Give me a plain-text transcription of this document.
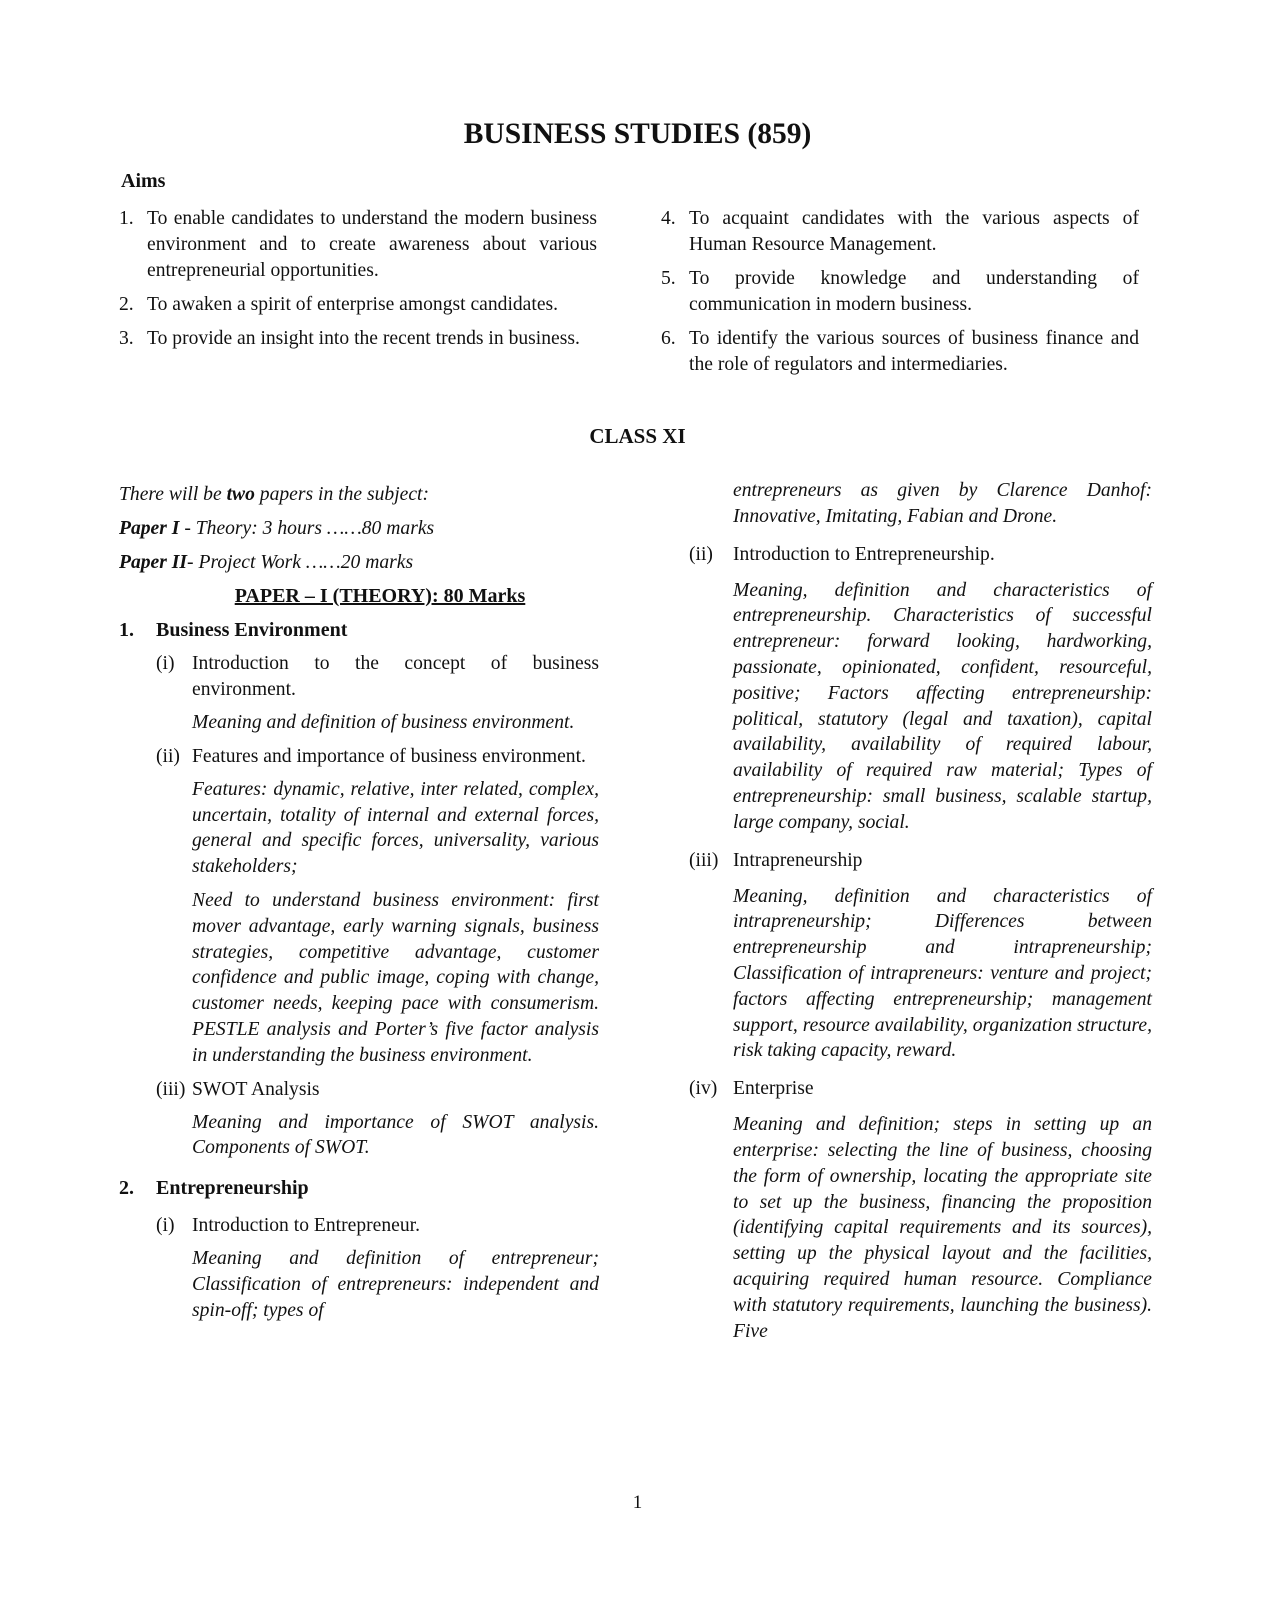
BUSINESS STUDIES (859)
Aims
1. To enable candidates to understand the modern business environment and to create awareness about various entrepreneurial opportunities.
2. To awaken a spirit of enterprise amongst candidates.
3. To provide an insight into the recent trends in business.
4. To acquaint candidates with the various aspects of Human Resource Management.
5. To provide knowledge and understanding of communication in modern business.
6. To identify the various sources of business finance and the role of regulators and intermediaries.
CLASS XI
There will be two papers in the subject:
Paper I - Theory: 3 hours ……80 marks
Paper II- Project Work ……20 marks
PAPER – I (THEORY): 80 Marks
1.	Business Environment
(i) Introduction to the concept of business environment.
Meaning and definition of business environment.
(ii) Features and importance of business environment.
Features: dynamic, relative, inter related, complex, uncertain, totality of internal and external forces, general and specific forces, universality, various stakeholders;
Need to understand business environment: first mover advantage, early warning signals, business strategies, competitive advantage, customer confidence and public image, coping with change, customer needs, keeping pace with consumerism. PESTLE analysis and Porter’s five factor analysis in understanding the business environment.
(iii) SWOT Analysis
Meaning and importance of SWOT analysis. Components of SWOT.
2.	Entrepreneurship
(i) Introduction to Entrepreneur.
Meaning and definition of entrepreneur; Classification of entrepreneurs: independent and spin-off; types of
entrepreneurs as given by Clarence Danhof: Innovative, Imitating, Fabian and Drone.
(ii)	Introduction to Entrepreneurship.
Meaning, definition and characteristics of entrepreneurship. Characteristics of successful entrepreneur: forward looking, hardworking, passionate, opinionated, confident, resourceful, positive; Factors affecting entrepreneurship: political, statutory (legal and taxation), capital availability, availability of required labour, availability of required raw material; Types of entrepreneurship: small business, scalable startup, large company, social.
(iii) Intrapreneurship
Meaning, definition and characteristics of intrapreneurship; Differences between entrepreneurship and intrapreneurship; Classification of intrapreneurs: venture and project; factors affecting entrepreneurship; management support, resource availability, organization structure, risk taking capacity, reward.
(iv) Enterprise
Meaning and definition; steps in setting up an enterprise: selecting the line of business, choosing the form of ownership, locating the appropriate site to set up the business, financing the proposition (identifying capital requirements and its sources), setting up the physical layout and the facilities, acquiring required human resource. Compliance with statutory requirements, launching the business). Five
1
